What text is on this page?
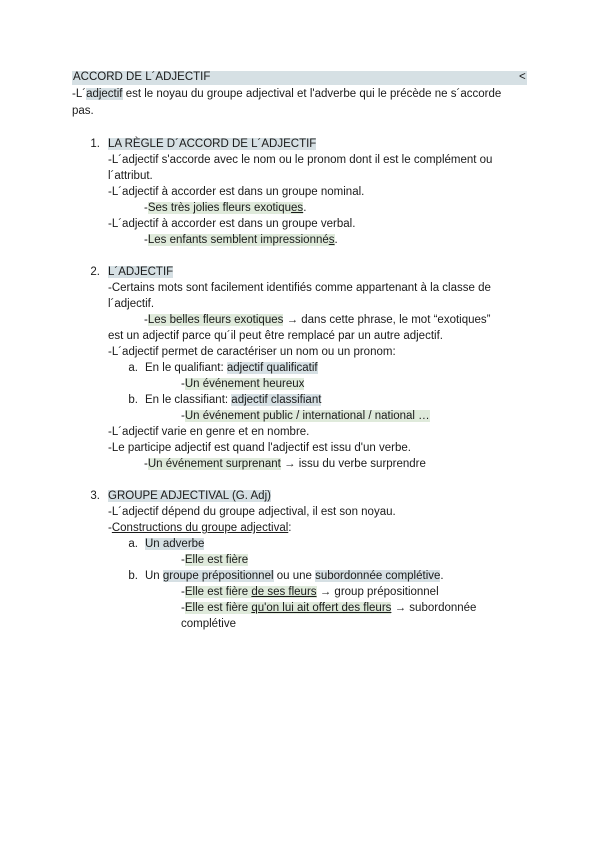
ACCORD DE L´ADJECTIF	<
-L´adjectif est le noyau du groupe adjectival et l'adverbe qui le précède ne s´accorde
pas.
1. LA RÈGLE D´ACCORD DE L´ADJECTIF
-L´adjectif s'accorde avec le nom ou le pronom dont il est le complément ou
l´attribut.
-L´adjectif à accorder est dans un groupe nominal.
-Ses très jolies fleurs exotiques.
-L´adjectif à accorder est dans un groupe verbal.
-Les enfants semblent impressionnés.
2. L´ADJECTIF
-Certains mots sont facilement identifiés comme appartenant à la classe de
l´adjectif.
-Les belles fleurs exotiques → dans cette phrase, le mot “exotiques”
est un adjectif parce qu´il peut être remplacé par un autre adjectif.
-L´adjectif permet de caractériser un nom ou un pronom:
a. En le qualifiant: adjectif qualificatif
-Un événement heureux
b. En le classifiant: adjectif classifiant
-Un événement public / international / national …
-L´adjectif varie en genre et en nombre.
-Le participe adjectif est quand l'adjectif est issu d'un verbe.
-Un événement surprenant → issu du verbe surprendre
3. GROUPE ADJECTIVAL (G. Adj)
-L´adjectif dépend du groupe adjectival, il est son noyau.
-Constructions du groupe adjectival:
a. Un adverbe
-Elle est fière
b. Un groupe prépositionnel ou une subordonnée complétive.
-Elle est fière de ses fleurs → group prépositionnel
-Elle est fière qu'on lui ait offert des fleurs → subordonnée
complétive
